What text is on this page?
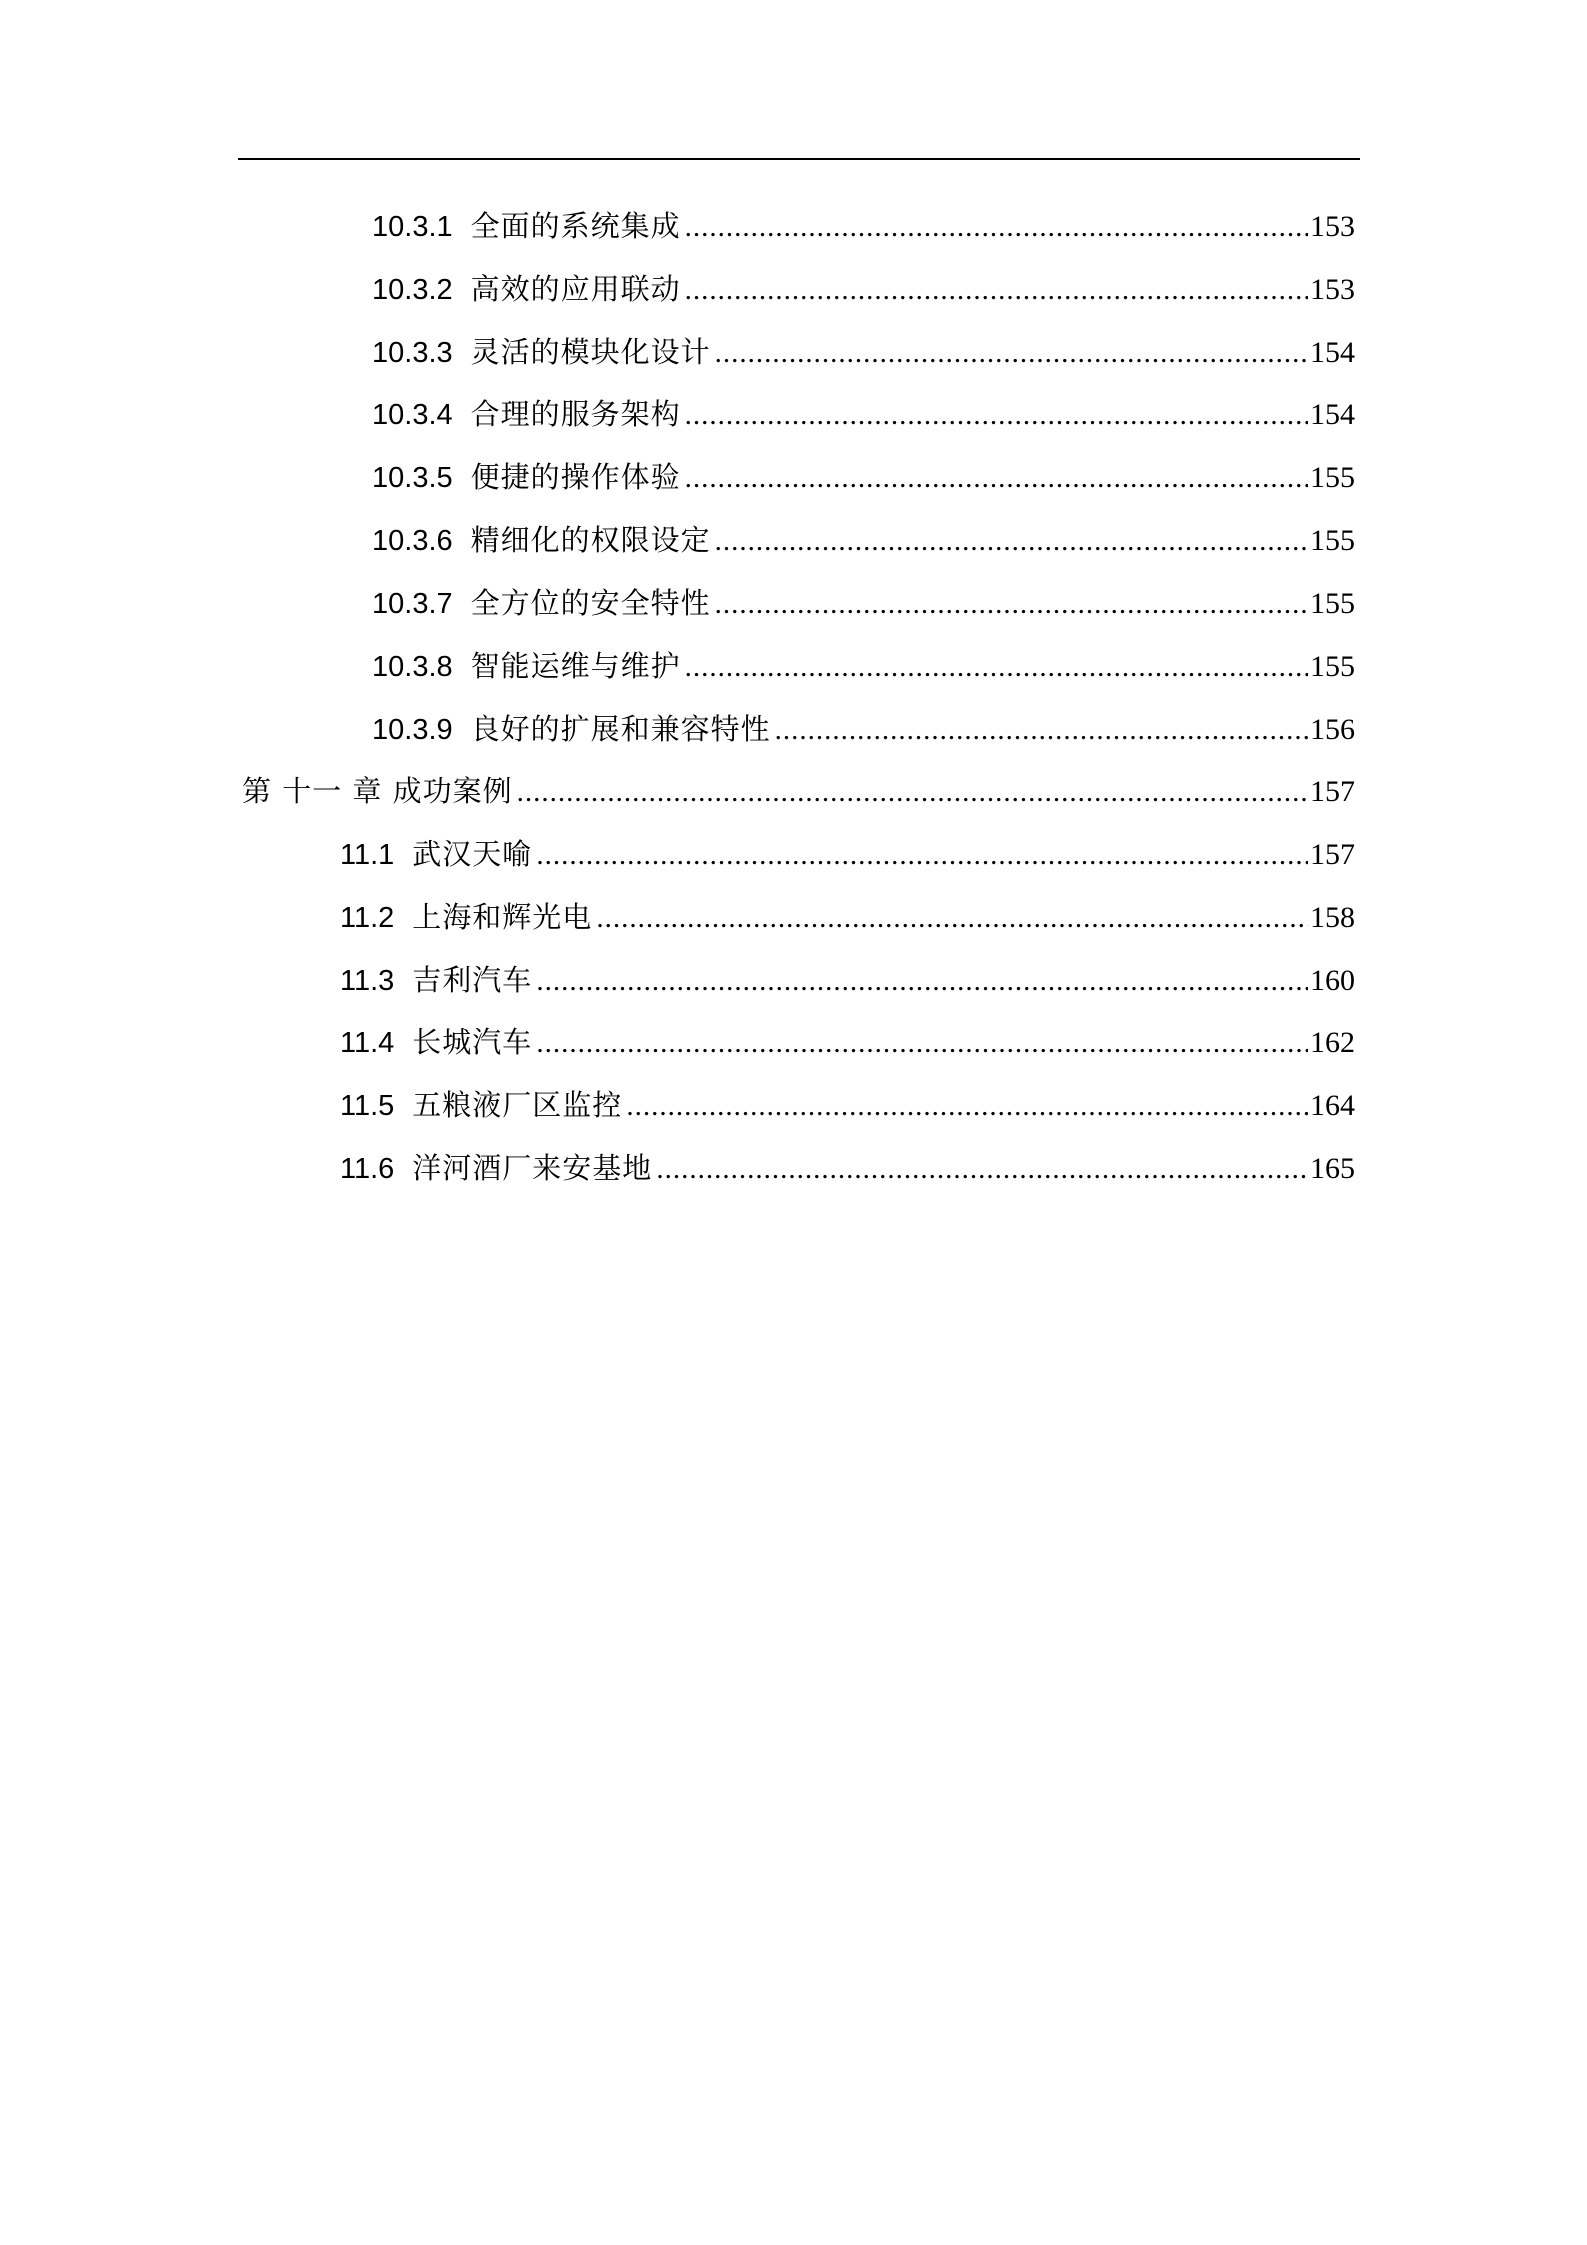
10.3.1 全面的系统集成 .....	153
10.3.2 高效的应用联动 .....	153
10.3.3 灵活的模块化设计 .....	154
10.3.4 合理的服务架构 .....	154
10.3.5 便捷的操作体验 .....	155
10.3.6 精细化的权限设定 .....	155
10.3.7 全方位的安全特性 .....	155
10.3.8 智能运维与维护 .....	155
10.3.9 良好的扩展和兼容特性 .....	156
第 十一 章 成功案例 .....	157
11.1 武汉天喻 .....	157
11.2 上海和辉光电 .....	158
11.3 吉利汽车 .....	160
11.4 长城汽车 .....	162
11.5 五粮液厂区监控 .....	164
11.6 洋河酒厂来安基地 .....	165
